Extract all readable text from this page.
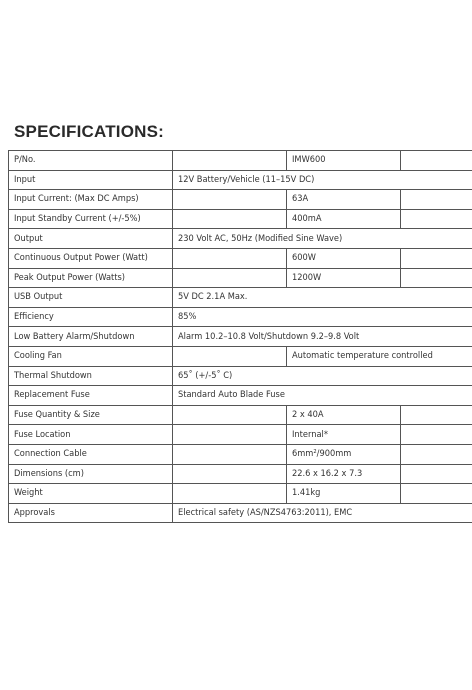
SPECIFICATIONS:
P/No.		IMW600	
Input	12V Battery/Vehicle (11–15V DC)		
Input Current: (Max DC Amps)		63A	
Input Standby Current (+/-5%)		400mA	
Output	230 Volt AC, 50Hz (Modified Sine Wave)		
Continuous Output Power (Watt)		600W	
Peak Output Power (Watts)		1200W	
USB Output	5V DC 2.1A Max.		
Efficiency	85%		
Low Battery Alarm/Shutdown	Alarm 10.2–10.8 Volt/Shutdown 9.2–9.8 Volt		
Cooling Fan		Automatic temperature controlled	
Thermal Shutdown	65˚ (+/-5˚ C)		
Replacement Fuse	Standard Auto Blade Fuse		
Fuse Quantity & Size		2 x 40A	
Fuse Location		Internal*	
Connection Cable		6mm²/900mm	
Dimensions (cm)		22.6 x 16.2 x 7.3	
Weight		1.41kg	
Approvals	Electrical safety (AS/NZS4763:2011), EMC		
